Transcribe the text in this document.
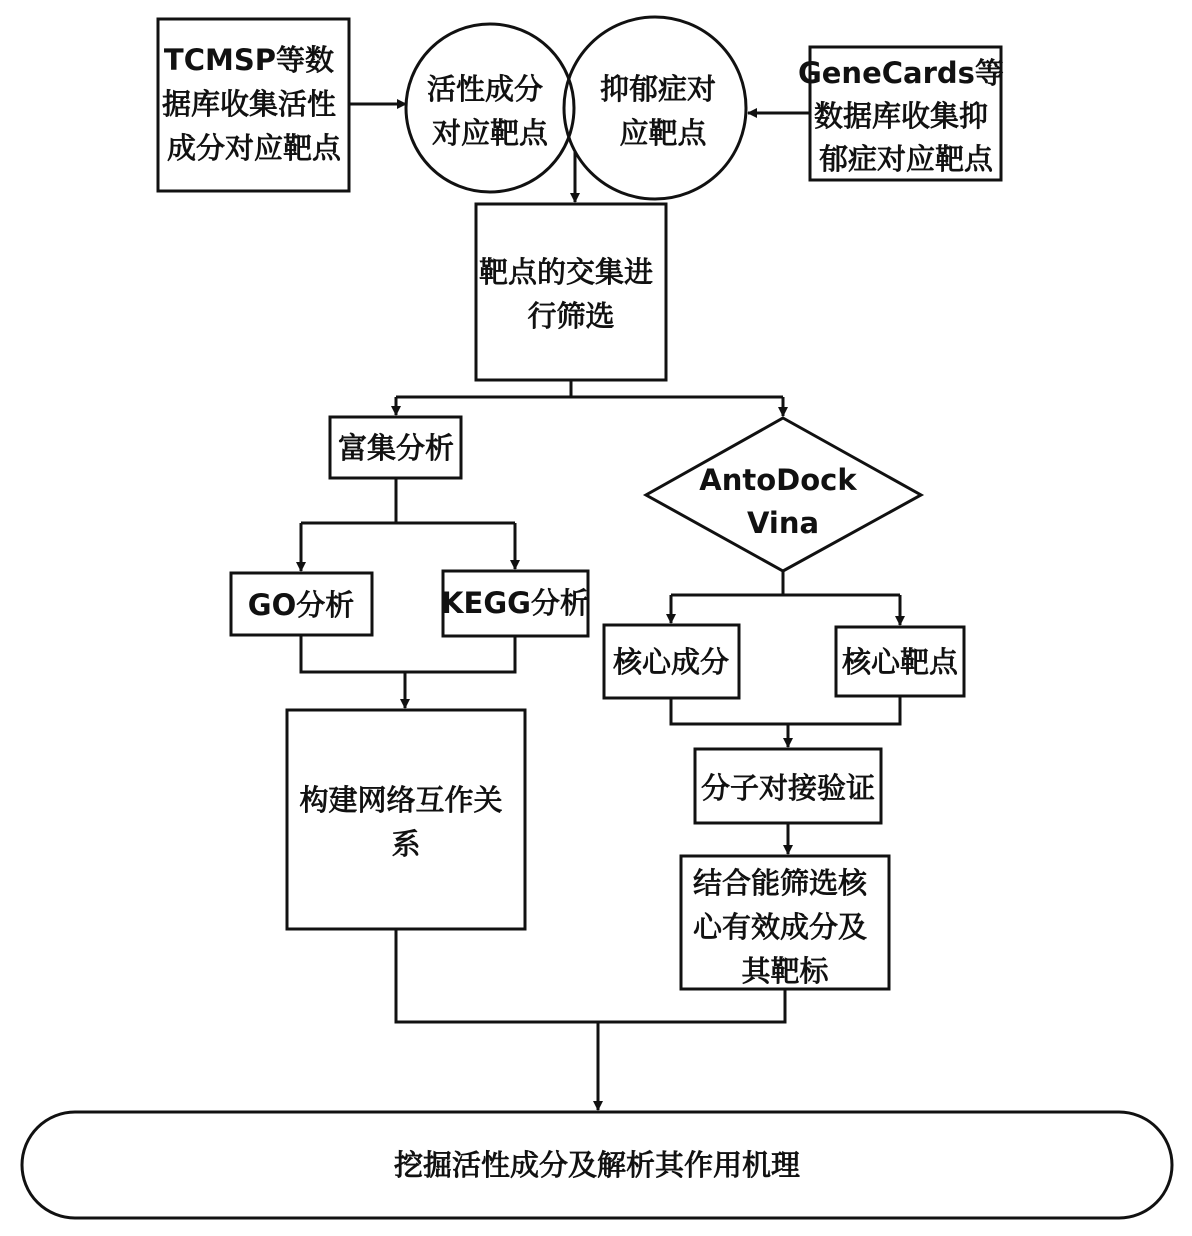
TCMSP等数 据库收集活性 成分对应靶点
活性成分 对应靶点
抑郁症对 应靶点
GeneCards等 数据库收集抑 郁症对应靶点
靶点的交集进 行筛选
富集分析
AntoDock Vina
GO分析	KEGG分析
核心成分	核心靶点
构建网络互作关 系
分子对接验证
结合能筛选核 心有效成分及 其靶标
挖掘活性成分及解析其作用机理
